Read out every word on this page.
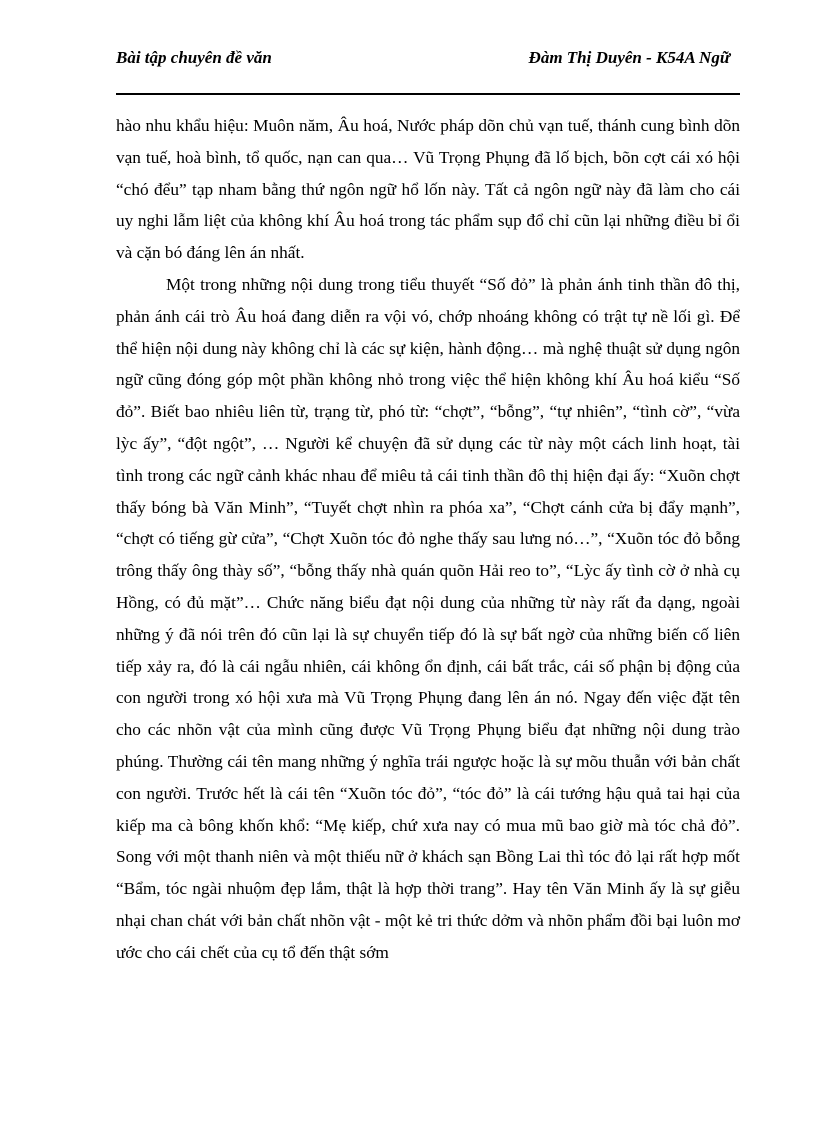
Bài tập chuyên đề văn	Đàm Thị Duyên - K54A Ngữ

hào nhu khẩu hiệu: Muôn năm, Âu hoá, Nước pháp dõn chủ vạn tuế, thánh cung bình dõn vạn tuế, hoà bình, tổ quốc, nạn can qua… Vũ Trọng Phụng đã lố bịch, bõn cợt cái xó hội “chó đểu” tạp nham bằng thứ ngôn ngữ hổ lốn này. Tất cả ngôn ngữ này đã làm cho cái uy nghi lẫm liệt của không khí Âu hoá trong tác phẩm sụp đổ chỉ cũn lại những điều bỉ ổi và cặn bó đáng lên án nhất.

Một trong những nội dung trong tiểu thuyết “Số đỏ” là phản ánh tinh thần đô thị, phản ánh cái trò Âu hoá đang diễn ra vội vó, chớp nhoáng không có trật tự nề lối gì. Để thể hiện nội dung này không chỉ là các sự kiện, hành động… mà nghệ thuật sử dụng ngôn ngữ cũng đóng góp một phần không nhỏ trong việc thể hiện không khí Âu hoá kiểu “Số đỏ”. Biết bao nhiêu liên từ, trạng từ, phó từ: “chợt”, “bỗng”, “tự nhiên”, “tình cờ”, “vừa lỳc ấy”, “đột ngột”, … Người kể chuyện đã sử dụng các từ này một cách linh hoạt, tài tình trong các ngữ cảnh khác nhau để miêu tả cái tinh thần đô thị hiện đại ấy: “Xuõn chợt thấy bóng bà Văn Minh”, “Tuyết chợt nhìn ra phóa xa”, “Chợt cánh cửa bị đẩy mạnh”, “chợt có tiếng gừ cửa”, “Chợt Xuõn tóc đỏ nghe thấy sau lưng nó…”, “Xuõn tóc đỏ bỗng trông thấy ông thày số”, “bỗng thấy nhà quán quõn Hải reo to”, “Lỳc ấy tình cờ ở nhà cụ Hồng, có đủ mặt”… Chức năng biểu đạt nội dung của những từ này rất đa dạng, ngoài những ý đã nói trên đó cũn lại là sự chuyển tiếp đó là sự bất ngờ của những biến cố liên tiếp xảy ra, đó là cái ngẫu nhiên, cái không ổn định, cái bất trắc, cái số phận bị động của con người trong xó hội xưa mà Vũ Trọng Phụng đang lên án nó. Ngay đến việc đặt tên cho các nhõn vật của mình cũng được Vũ Trọng Phụng biểu đạt những nội dung trào phúng. Thường cái tên mang những ý nghĩa trái ngược hoặc là sự mõu thuẫn với bản chất con người. Trước hết là cái tên “Xuõn tóc đỏ”, “tóc đỏ” là cái tướng hậu quả tai hại của kiếp ma cà bông khốn khổ: “Mẹ kiếp, chứ xưa nay có mua mũ bao giờ mà tóc chả đỏ”. Song với một thanh niên và một thiếu nữ ở khách sạn Bồng Lai thì tóc đỏ lại rất hợp mốt “Bẩm, tóc ngài nhuộm đẹp lắm, thật là hợp thời trang”. Hay tên Văn Minh ấy là sự giễu nhại chan chát với bản chất nhõn vật - một kẻ tri thức dởm và nhõn phẩm đồi bại luôn mơ ước cho cái chết của cụ tổ đến thật sớm
